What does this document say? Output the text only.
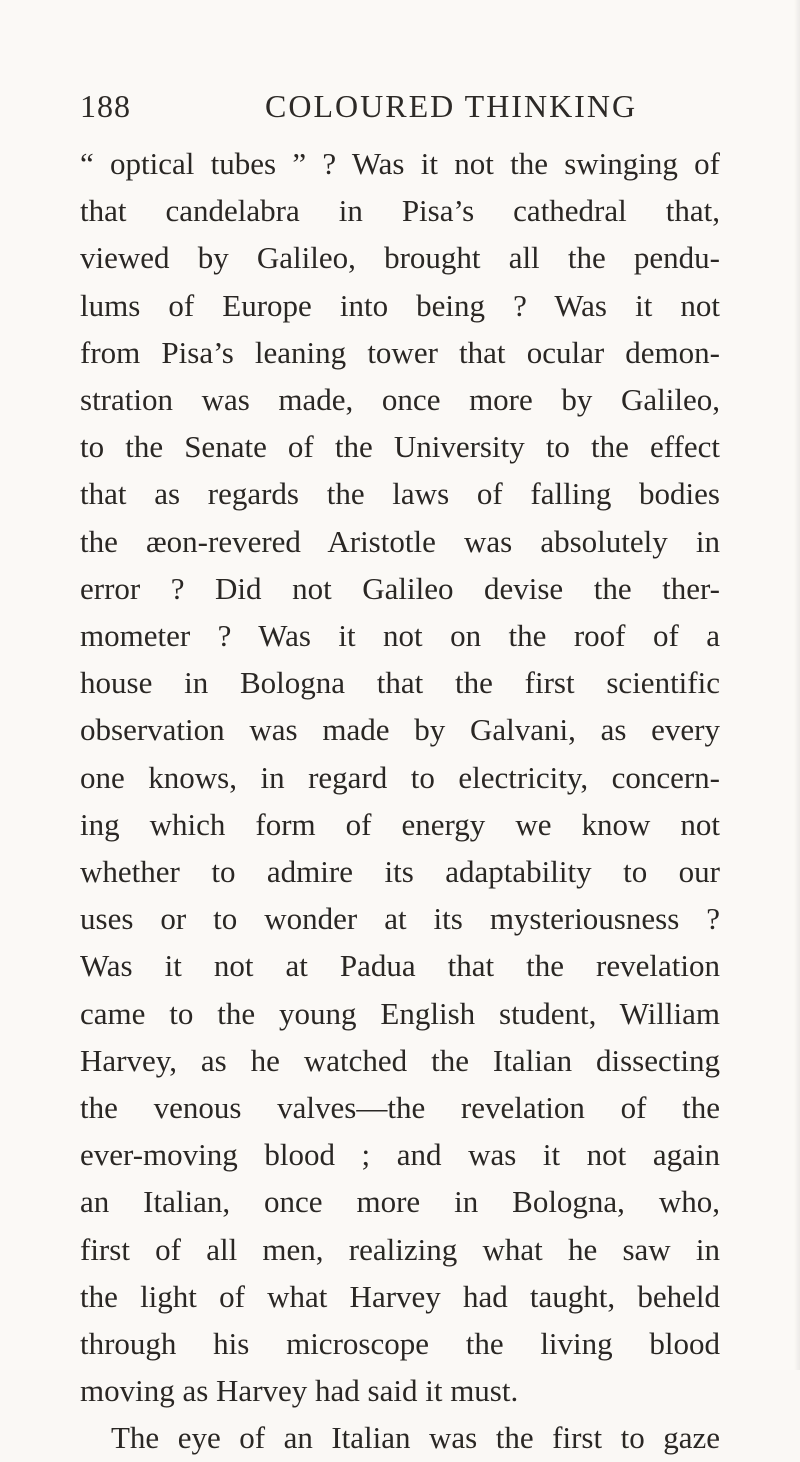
188	COLOURED THINKING
“ optical tubes ” ? Was it not the swinging of
that candelabra in Pisa’s cathedral that,
viewed by Galileo, brought all the pendu-
lums of Europe into being ? Was it not
from Pisa’s leaning tower that ocular demon-
stration was made, once more by Galileo,
to the Senate of the University to the effect
that as regards the laws of falling bodies
the æon-revered Aristotle was absolutely in
error ? Did not Galileo devise the ther-
mometer ? Was it not on the roof of a
house in Bologna that the first scientific
observation was made by Galvani, as every
one knows, in regard to electricity, concern-
ing which form of energy we know not
whether to admire its adaptability to our
uses or to wonder at its mysteriousness ?
Was it not at Padua that the revelation
came to the young English student, William
Harvey, as he watched the Italian dissecting
the venous valves—the revelation of the
ever-moving blood ; and was it not again
an Italian, once more in Bologna, who,
first of all men, realizing what he saw in
the light of what Harvey had taught, beheld
through his microscope the living blood
moving as Harvey had said it must.
The eye of an Italian was the first to gaze
